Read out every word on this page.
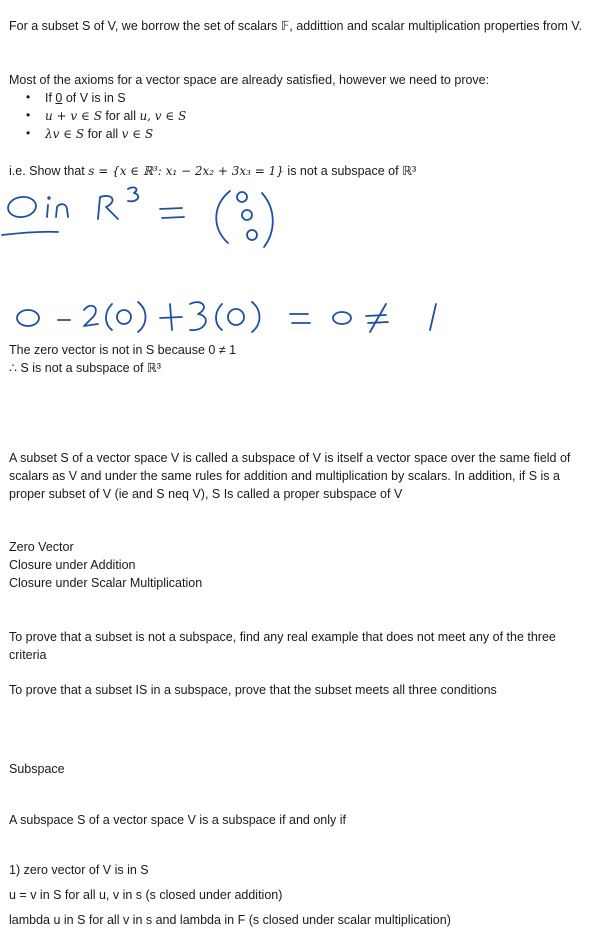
For a subset S of V, we borrow the set of scalars 𝔽, addittion and scalar multiplication properties from V.
Most of the axioms for a vector space are already satisfied, however we need to prove:
• If 0 of V is in S
• u + v ∈ S for all u, v ∈ S
• λv ∈ S for all v ∈ S
i.e. Show that s = {x ∈ ℝ³: x₁ − 2x₂ + 3x₃ = 1} is not a subspace of ℝ³
The zero vector is not in S because 0 ≠ 1
∴ S is not a subspace of ℝ³
A subset S of a vector space V is called a subspace of V is itself a vector space over the same field of scalars as V and under the same rules for addition and multiplication by scalars. In addition, if S is a proper subset of V (ie and S neq V), S Is called a proper subspace of V
Zero Vector
Closure under Addition
Closure under Scalar Multiplication
To prove that a subset is not a subspace, find any real example that does not meet any of the three criteria
To prove that a subset IS in a subspace, prove that the subset meets all three conditions
Subspace
A subspace S of a vector space V is a subspace if and only if
1) zero vector of V is in S
u = v in S for all u, v in s (s closed under addition)
lambda u in S for all v in s and lambda in F (s closed under scalar multiplication)
